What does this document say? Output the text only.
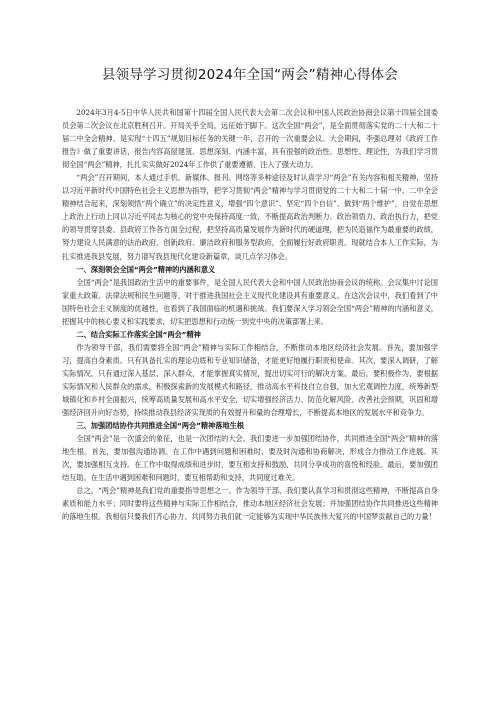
县领导学习贯彻2024年全国“两会”精神心得体会

2024年3月4-5日中华人民共和国第十四届全国人民代表大会第二次会议和中国人民政治协商会议第十四届全国委员会第二次会议在北京胜利召开。开局关乎全局，远征始于脚下。这次全国“两会”，是全面贯彻落实党的二十大和二十届二中全会精神、是实现“十四五”规划目标任务的关键一年，召开的一次重要会议。大会期间，李强总理对《政府工作报告》做了重要讲话，报告内容高屋建瓴、思想深刻、内涵丰富，具有很强的政治性、思想性、理论性，为我们学习贯彻全国“两会”精神，扎扎实实做好2024年工作供了重要遵循、注入了强大动力。

“两会”召开期间，本人通过手机、新媒体、报刊、网络等多种途径及时认真学习“两会”有关内容和相关精神，坚持以习近平新时代中国特色社会主义思想为指导，把学习贯彻“两会”精神与学习贯彻党的二十大和二十届一中、二中全会精神结合起来，深刻领悟“两个确立”的决定性意义，增强“四个意识”、坚定“四个自信”、做到“两个维护”，自觉在思想上政治上行动上同以习近平同志为核心的党中央保持高度一致，不断提高政治判断力、政治领悟力、政治执行力，把党的领导贯穿县委、县政府工作各方面全过程，把坚持高质量发展作为新时代的硬道理，把为民造福作为最重要的政绩，努力建设人民满意的法治政府、创新政府、廉洁政府和服务型政府，全面履行好政府职责。现就结合本人工作实际，为扎实推进我县发展，努力谱写我县现代化建设新篇章，谈几点学习体会。

一、深刻领会全国“两会”精神的内涵和意义

全国“两会”是我国政治生活中的重要事件，是全国人民代表大会和中国人民政治协商会议的统称。会议集中讨论国家重大政策、法律法规和民生问题等，对于推进我国社会主义现代化建设具有重要意义。在这次会议中，我们看到了中国特色社会主义制度的优越性，也看到了我国面临的机遇和挑战。我们要深入学习领会全国“两会”精神的内涵和意义，把握其中的核心要义和实践要求，切实把思想和行动统一到党中央的决策部署上来。

二、结合实际工作落实全国“两会”精神

作为领导干部，我们需要将全国“两会”精神与实际工作相结合，不断推动本地区经济社会发展。首先，要加强学习，提高自身素质。只有具备扎实的理论功底和专业知识储备，才能更好地履行职责和使命。其次，要深入调研，了解实际情况。只有通过深入基层、深入群众，才能掌握真实情况，提出切实可行的解决方案。最后，要积极作为，要根据实际情况和人民群众的需求，积极探索新的发展模式和路径，推动高水平科技自立自强，加大宏观调控力度，统筹新型城镇化和乡村全面振兴，统筹高质量发展和高水平安全，切实增强经济活力、防范化解风险、改善社会预期，巩固和增强经济回升向好态势，持续推动我县经济实现质的有效提升和量的合理增长，不断提高本地区的发展水平和竞争力。

三、加强团结协作共同推进全国“两会”精神落地生根

全国“两会”是一次盛会的象征，也是一次团结的大会。我们要进一步加强团结协作，共同推进全国“两会”精神的落地生根。首先，要加强沟通协调。在工作中遇到问题和困难时，要及时沟通和协商解决，形成合力推动工作进展。其次，要加强相互支持。在工作中取得成绩和进步时，要互相支持和鼓励，共同分享成功的喜悦和经验。最后，要加强团结互助。在生活中遇到困难和问题时，要互相帮助和支持，共同度过难关。

总之，“两会”精神是我们党的重要指导思想之一。作为领导干部，我们要认真学习和贯彻这些精神，不断提高自身素质和能力水平；同时要将这些精神与实际工作相结合，推动本地区经济社会发展；并加强团结协作共同推进这些精神的落地生根。我相信只要我们齐心协力、共同努力我们就一定能够为实现中华民族伟大复兴的中国梦贡献自己的力量！
